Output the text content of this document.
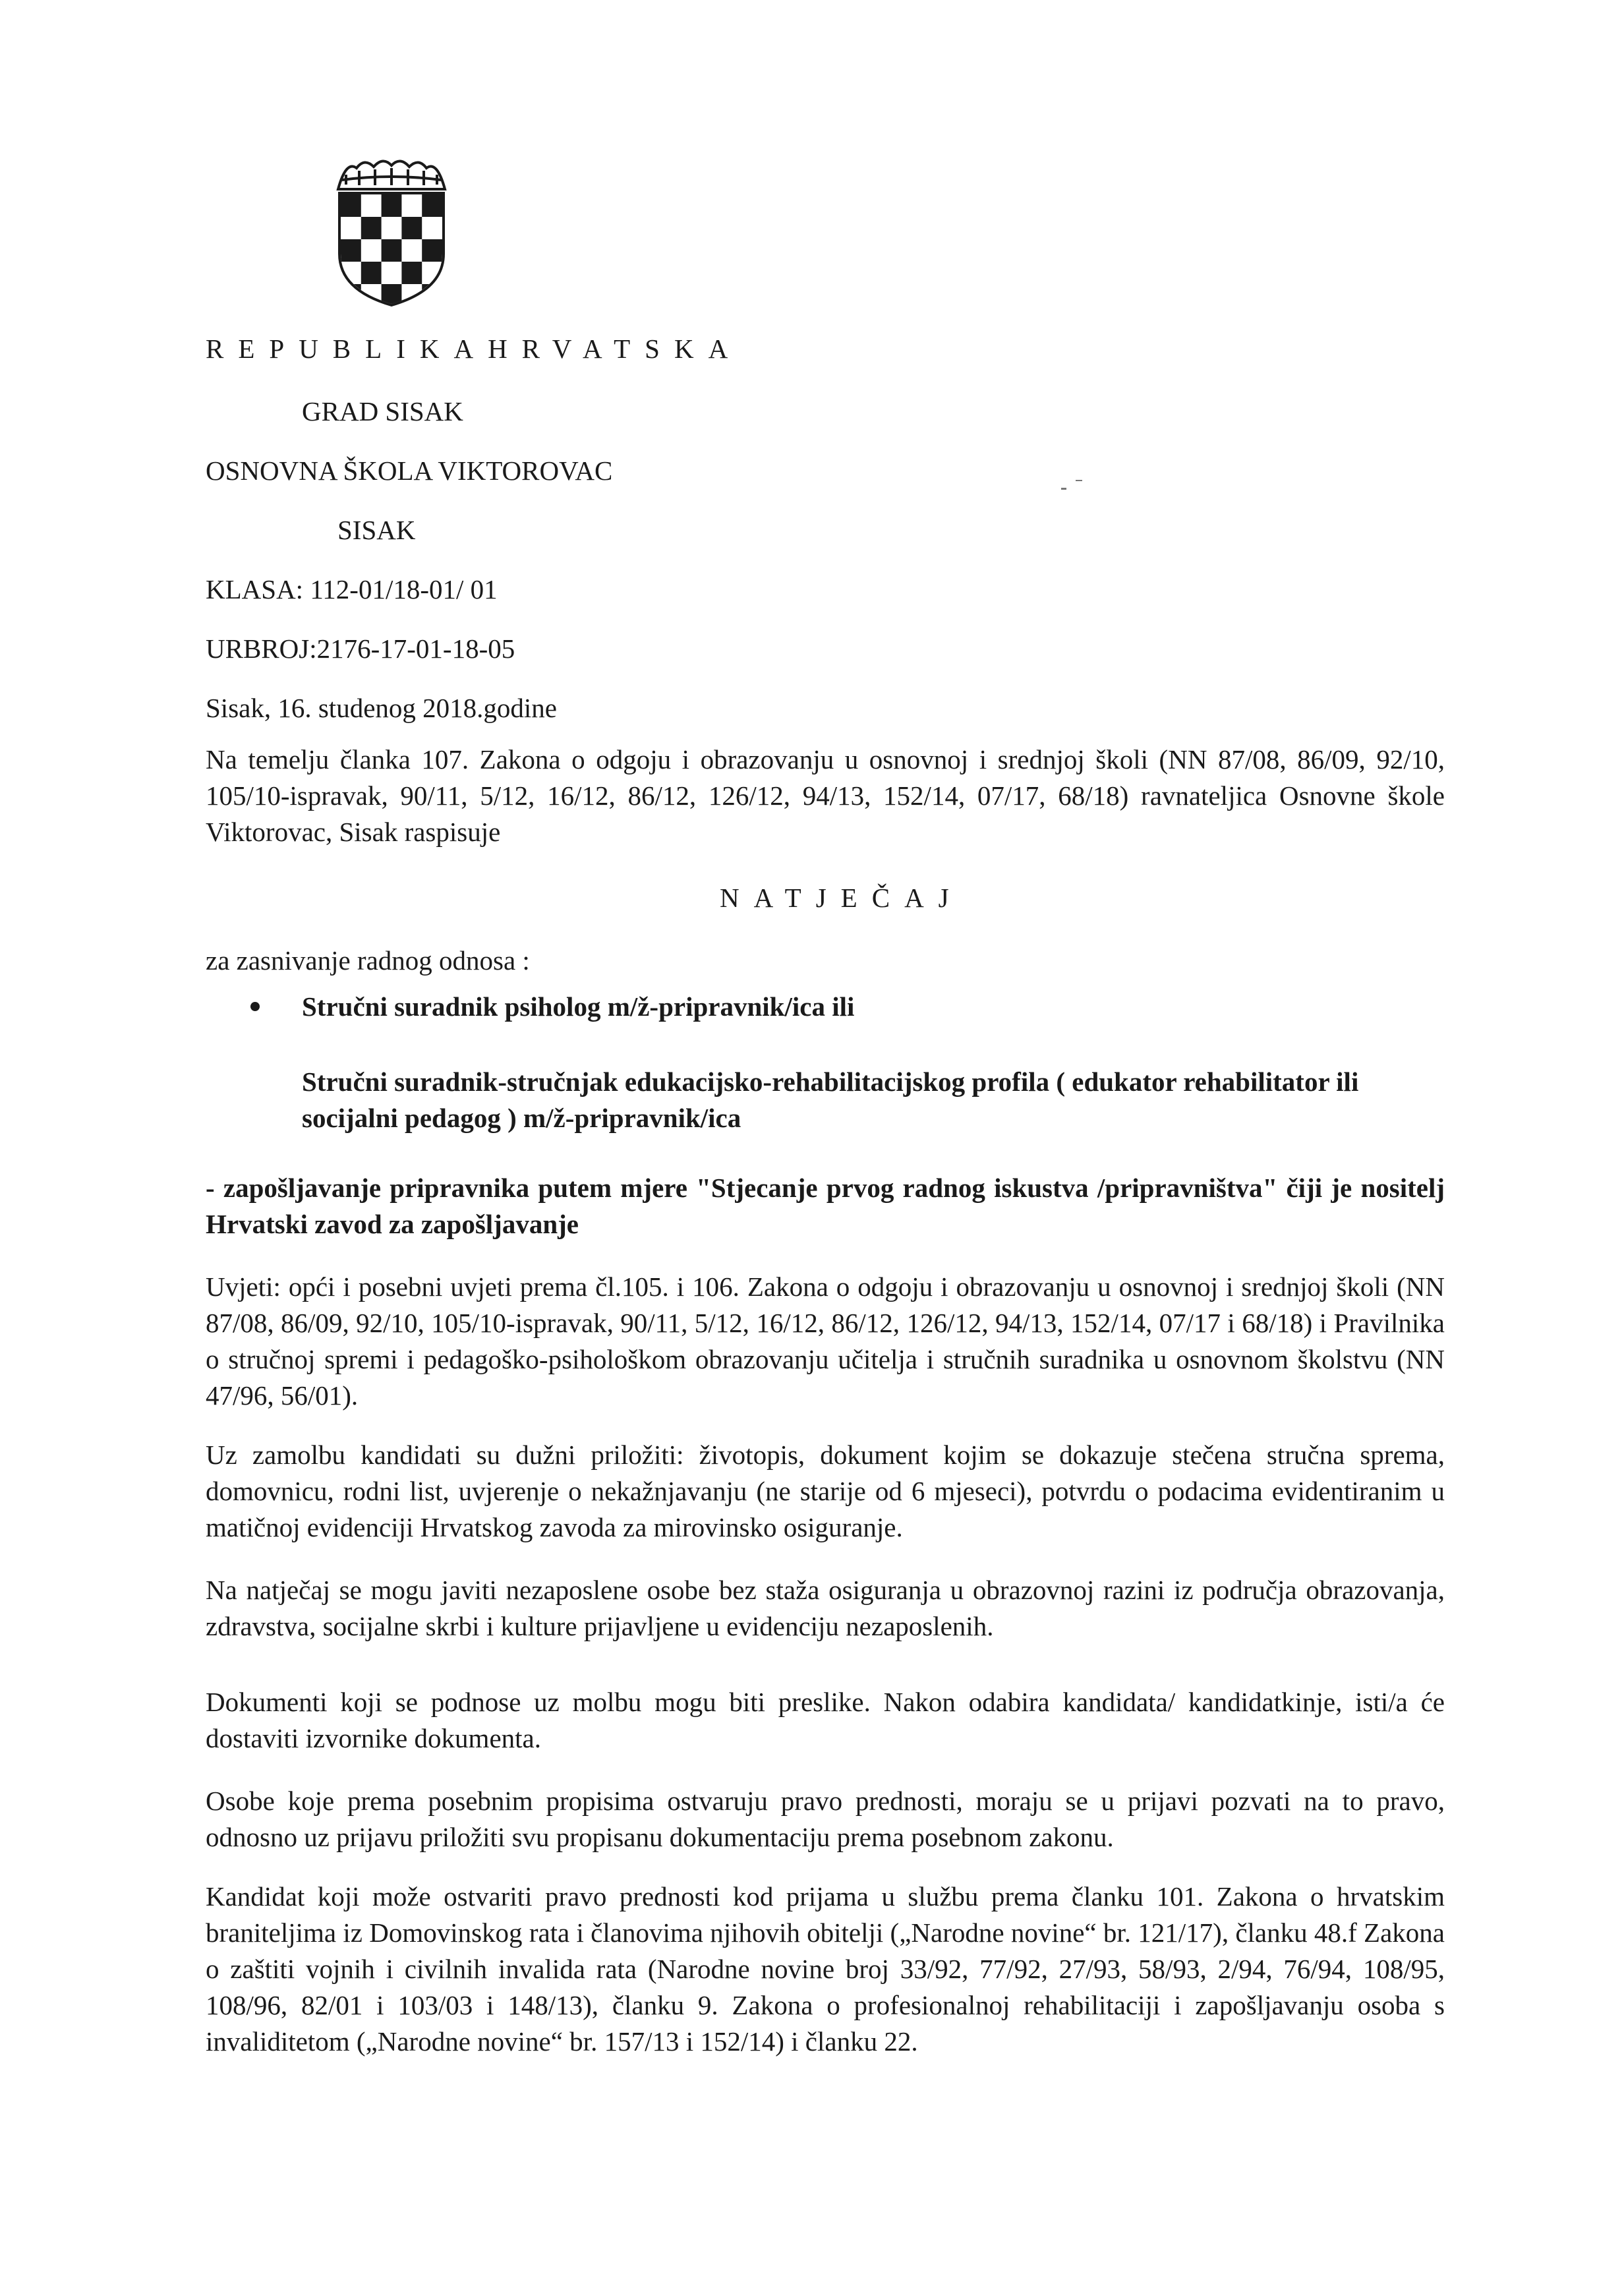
REPUBLIKAHRVATSKA
GRAD SISAK
OSNOVNA ŠKOLA VIKTOROVAC
SISAK
KLASA: 112-01/18-01/ 01
URBROJ:2176-17-01-18-05
Sisak, 16. studenog 2018.godine
Na temelju članka 107. Zakona o odgoju i obrazovanju u osnovnoj i srednjoj školi (NN 87/08, 86/09, 92/10, 105/10-ispravak, 90/11, 5/12, 16/12, 86/12, 126/12, 94/13, 152/14, 07/17, 68/18) ravnateljica Osnovne škole Viktorovac, Sisak raspisuje
NATJEČAJ
za zasnivanje radnog odnosa :
Stručni suradnik psiholog m/ž-pripravnik/ica ili
Stručni suradnik-stručnjak edukacijsko-rehabilitacijskog profila ( edukator rehabilitator ili socijalni pedagog ) m/ž-pripravnik/ica
- zapošljavanje pripravnika putem mjere "Stjecanje prvog radnog iskustva /pripravništva" čiji je nositelj Hrvatski zavod za zapošljavanje
Uvjeti: opći i posebni uvjeti prema čl.105. i 106. Zakona o odgoju i obrazovanju u osnovnoj i srednjoj školi (NN 87/08, 86/09, 92/10, 105/10-ispravak, 90/11, 5/12, 16/12, 86/12, 126/12, 94/13, 152/14, 07/17 i 68/18) i Pravilnika o stručnoj spremi i pedagoško-psihološkom obrazovanju učitelja i stručnih suradnika u osnovnom školstvu (NN 47/96, 56/01).
Uz zamolbu kandidati su dužni priložiti: životopis, dokument kojim se dokazuje stečena stručna sprema, domovnicu, rodni list, uvjerenje o nekažnjavanju (ne starije od 6 mjeseci), potvrdu o podacima evidentiranim u matičnoj evidenciji Hrvatskog zavoda za mirovinsko osiguranje.
Na natječaj se mogu javiti nezaposlene osobe bez staža osiguranja u obrazovnoj razini iz područja obrazovanja, zdravstva, socijalne skrbi i kulture prijavljene u evidenciju nezaposlenih.
Dokumenti koji se podnose uz molbu mogu biti preslike. Nakon odabira kandidata/ kandidatkinje, isti/a će dostaviti izvornike dokumenta.
Osobe koje prema posebnim propisima ostvaruju pravo prednosti, moraju se u prijavi pozvati na to pravo, odnosno uz prijavu priložiti svu propisanu dokumentaciju prema posebnom zakonu.
Kandidat koji može ostvariti pravo prednosti kod prijama u službu prema članku 101. Zakona o hrvatskim braniteljima iz Domovinskog rata i članovima njihovih obitelji („Narodne novine“ br. 121/17), članku 48.f Zakona o zaštiti vojnih i civilnih invalida rata (Narodne novine broj 33/92, 77/92, 27/93, 58/93, 2/94, 76/94, 108/95, 108/96, 82/01 i 103/03 i 148/13), članku 9. Zakona o profesionalnoj rehabilitaciji i zapošljavanju osoba s invaliditetom („Narodne novine“ br. 157/13 i 152/14) i članku 22.
